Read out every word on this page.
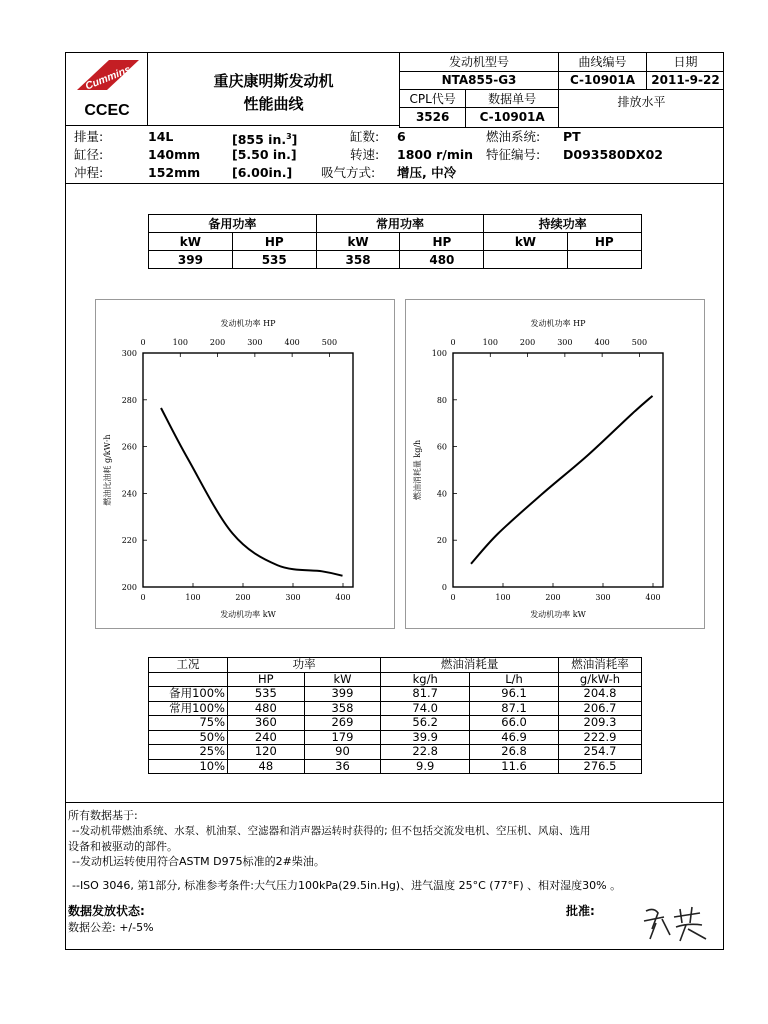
Cummins
CCEC
重庆康明斯发动机
性能曲线
发动机型号	曲线编号	日期
NTA855-G3	C-10901A	2011-9-22

CPL代号	数据单号
3526	C-10901A
	排放水平
排量:	14L	[855 in.$^3$]	缸数: 6	燃油系统: PT
缸径:	140mm	[5.50 in.]	转速: 1800 r/min 特征编号: D093580DX02
冲程:	152mm	[6.00in.] 吸气方式: 增压, 中冷
备用功率		常用功率		持续功率	
kW	HP	kW	HP	kW	HP
399	535	358	480		
发动机功率 HP
0	100	200	300	400	500
0	100	200	300	400
200
220
240
260
280
300
发动机功率 kW
燃油比油耗 g/kW·h
发动机功率 HP
0	100	200	300	400	500
0	100	200	300	400
0
20
40
60
80
100
发动机功率 kW
燃油消耗量 kg/h
工况	功率		燃油消耗量		燃油消耗率
	HP	kW	kg/h	L/h	g/kW-h
备用100%	535	399	81.7	96.1	204.8
常用100%	480	358	74.0	87.1	206.7
75%	360	269	56.2	66.0	209.3
50%	240	179	39.9	46.9	222.9
25%	120	90	22.8	26.8	254.7
10%	48	36	9.9	11.6	276.5
所有数据基于:
--发动机带燃油系统、水泵、机油泵、空滤器和消声器运转时获得的; 但不包括交流发电机、空压机、风扇、选用
设备和被驱动的部件。
--发动机运转使用符合ASTM D975标准的2#柴油。
--ISO 3046, 第1部分, 标准参考条件:大气压力100kPa(29.5in.Hg)、进气温度 25°C (77°F) 、相对湿度30% 。
数据发放状态:	批准:
数据公差: +/-5%
